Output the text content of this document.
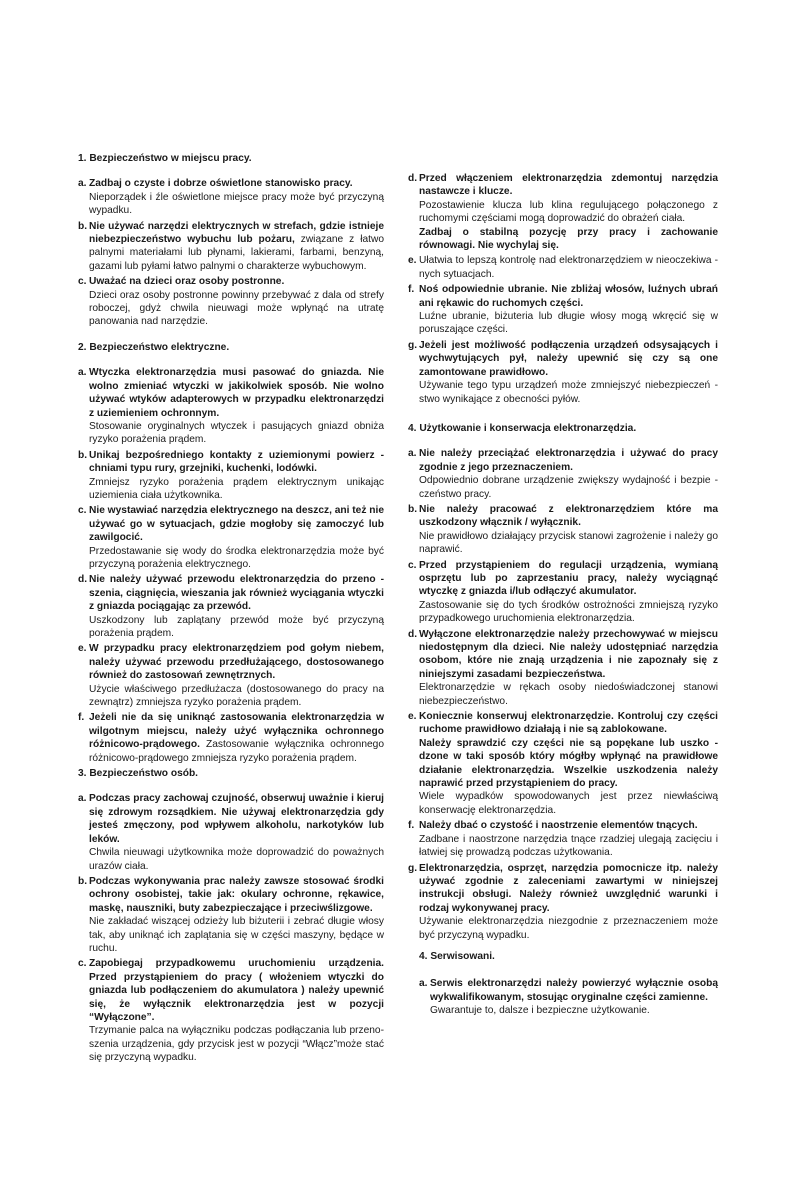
1. Bezpieczeństwo w miejscu pracy.
a. Zadbaj o czyste i dobrze oświetlone stanowisko pracy.
Nieporządek i źle oświetlone miejsce pracy może być przyczyną wypadku.
b. Nie używać narzędzi elektrycznych w strefach, gdzie istnieje niebezpieczeństwo wybuchu lub pożaru, związane z łatwo palnymi materiałami lub płynami, lakierami, farbami, benzyną, gazami lub pyłami łatwo palnymi o charakterze wybuchowym.
c. Uważać na dzieci oraz osoby postronne.
Dzieci oraz osoby postronne powinny przebywać z dala od strefy roboczej, gdyż chwila nieuwagi może wpłynąć na utratę panowania nad narzędzie.
2. Bezpieczeństwo elektryczne.
a. Wtyczka elektronarzędzia musi pasować do gniazda. Nie wolno zmieniać wtyczki w jakikolwiek sposób. Nie wolno używać wtyków adapterowych w przypadku elektronarzędzi z uziemieniem ochronnym.
Stosowanie oryginalnych wtyczek i pasujących gniazd obniża ryzyko porażenia prądem.
b. Unikaj bezpośredniego kontakty z uziemionymi powierz - chniami typu rury, grzejniki, kuchenki, lodówki.
Zmniejsz ryzyko porażenia prądem elektrycznym unikając uziemienia ciała użytkownika.
c. Nie wystawiać narzędzia elektrycznego na deszcz, ani też nie używać go w sytuacjach, gdzie mogłoby się zamoczyć lub zawilgocić.
Przedostawanie się wody do środka elektronarzędzia może być przyczyną porażenia elektrycznego.
d. Nie należy używać przewodu elektronarzędzia do przeno - szenia, ciągnięcia, wieszania jak również wyciągania wtyczki z gniazda pociągając za przewód.
Uszkodzony lub zaplątany przewód może być przyczyną porażenia prądem.
e. W przypadku pracy elektronarzędziem pod gołym niebem, należy używać przewodu przedłużającego, dostosowanego również do zastosowań zewnętrznych.
Użycie właściwego przedłużacza (dostosowanego do pracy na zewnątrz) zmniejsza ryzyko porażenia prądem.
f. Jeżeli nie da się uniknąć zastosowania elektronarzędzia w wilgotnym miejscu, należy użyć wyłącznika ochronnego różnicowo-prądowego. Zastosowanie wyłącznika ochronnego różnicowo-prądowego zmniejsza ryzyko porażenia prądem.
3. Bezpieczeństwo osób.
a. Podczas pracy zachowaj czujność, obserwuj uważnie i kieruj się zdrowym rozsądkiem. Nie używaj elektronarzędzia gdy jesteś zmęczony, pod wpływem alkoholu, narkotyków lub leków.
Chwila nieuwagi użytkownika może doprowadzić do poważnych urazów ciała.
b. Podczas wykonywania prac należy zawsze stosować środki ochrony osobistej, takie jak: okulary ochronne, rękawice, maskę, nauszniki, buty zabezpieczające i przeciwślizgowe.
Nie zakładać wiszącej odzieży lub biżuterii i zebrać długie włosy tak, aby uniknąć ich zaplątania się w części maszyny, będące w ruchu.
c. Zapobiegaj przypadkowemu uruchomieniu urządzenia. Przed przystąpieniem do pracy ( włożeniem wtyczki do gniazda lub podłączeniem do akumulatora ) należy upewnić się, że wyłącznik elektronarzędzia jest w pozycji “Wyłączone”.
Trzymanie palca na wyłączniku podczas podłączania lub przeno-szenia urządzenia, gdy przycisk jest w pozycji “Włącz”może stać się przyczyną wypadku.
d. Przed włączeniem elektronarzędzia zdemontuj narzędzia nastawcze i klucze.
Pozostawienie klucza lub klina regulującego połączonego z ruchomymi częściami mogą doprowadzić do obrażeń ciała.
Zadbaj o stabilną pozycję przy pracy i zachowanie równowagi. Nie wychylaj się.
e. Ułatwia to lepszą kontrolę nad elektronarzędziem w nieoczekiwa - nych sytuacjach.
f. Noś odpowiednie ubranie. Nie zbliżaj włosów, luźnych ubrań ani rękawic do ruchomych części.
Luźne ubranie, biżuteria lub długie włosy mogą wkręcić się w poruszające części.
g. Jeżeli jest możliwość podłączenia urządzeń odsysających i wychwytujących pył, należy upewnić się czy są one zamontowane prawidłowo.
Używanie tego typu urządzeń może zmniejszyć niebezpieczeń - stwo wynikające z obecności pyłów.
4. Użytkowanie i konserwacja elektronarzędzia.
a. Nie należy przeciążać elektronarzędzia i używać do pracy zgodnie z jego przeznaczeniem.
Odpowiednio dobrane urządzenie zwiększy wydajność i bezpie - czeństwo pracy.
b. Nie należy pracować z elektronarzędziem które ma uszkodzony włącznik / wyłącznik.
Nie prawidłowo działający przycisk stanowi zagrożenie i należy go naprawić.
c. Przed przystąpieniem do regulacji urządzenia, wymianą osprzętu lub po zaprzestaniu pracy, należy wyciągnąć wtyczkę z gniazda i/lub odłączyć akumulator.
Zastosowanie się do tych środków ostrożności zmniejszą ryzyko przypadkowego uruchomienia elektronarzędzia.
d. Wyłączone elektronarzędzie należy przechowywać w miejscu niedostępnym dla dzieci. Nie należy udostępniać narzędzia osobom, które nie znają urządzenia i nie zapoznały się z niniejszymi zasadami bezpieczeństwa.
Elektronarzędzie w rękach osoby niedoświadczonej stanowi niebezpieczeństwo.
e. Koniecznie konserwuj elektronarzędzie. Kontroluj czy części ruchome prawidłowo działają i nie są zablokowane.
Należy sprawdzić czy części nie są popękane lub uszko - dzone w taki sposób który mógłby wpłynąć na prawidłowe działanie elektronarzędzia. Wszelkie uszkodzenia należy naprawić przed przystąpieniem do pracy.
Wiele wypadków spowodowanych jest przez niewłaściwą konserwację elektronarzędzia.
f. Należy dbać o czystość i naostrzenie elementów tnących.
Zadbane i naostrzone narzędzia tnące rzadziej ulegają zacięciu i łatwiej się prowadzą podczas użytkowania.
g. Elektronarzędzia, osprzęt, narzędzia pomocnicze itp. należy używać zgodnie z zaleceniami zawartymi w niniejszej instrukcji obsługi. Należy również uwzględnić warunki i rodzaj wykonywanej pracy.
Używanie elektronarzędzia niezgodnie z przeznaczeniem może być przyczyną wypadku.
4. Serwisowani.
a. Serwis elektronarzędzi należy powierzyć wyłącznie osobą wykwalifikowanym, stosując oryginalne części zamienne.
Gwarantuje to, dalsze i bezpieczne użytkowanie.
